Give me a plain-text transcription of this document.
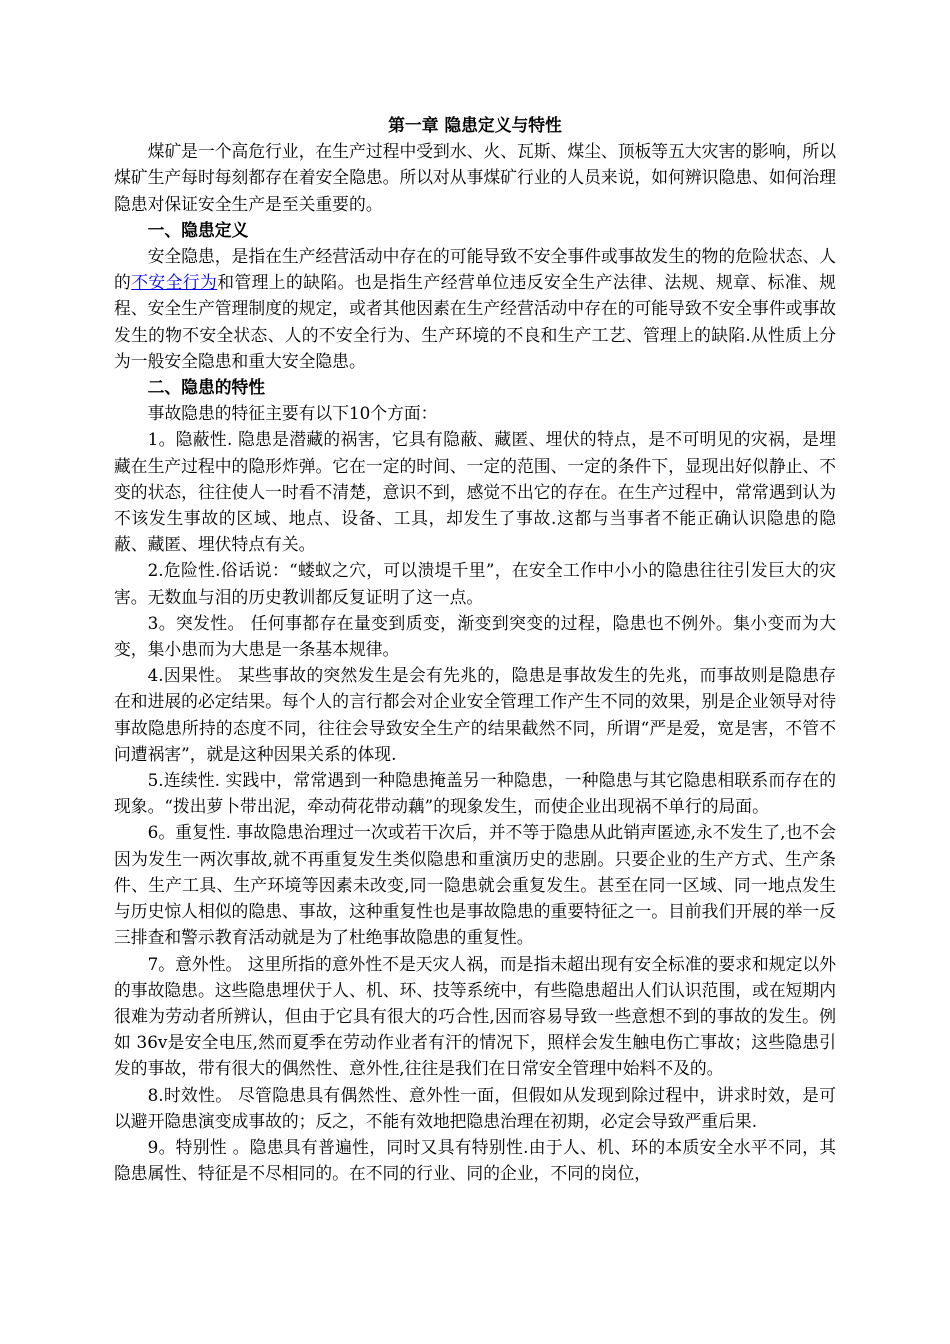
第一章 隐患定义与特性

煤矿是一个高危行业，在生产过程中受到水、火、瓦斯、煤尘、顶板等五大灾害的影响，所以煤矿生产每时每刻都存在着安全隐患。所以对从事煤矿行业的人员来说，如何辨识隐患、如何治理隐患对保证安全生产是至关重要的。

一、隐患定义

安全隐患，是指在生产经营活动中存在的可能导致不安全事件或事故发生的物的危险状态、人的不安全行为和管理上的缺陷。也是指生产经营单位违反安全生产法律、法规、规章、标准、规程、安全生产管理制度的规定，或者其他因素在生产经营活动中存在的可能导致不安全事件或事故发生的物不安全状态、人的不安全行为、生产环境的不良和生产工艺、管理上的缺陷.从性质上分为一般安全隐患和重大安全隐患。

二、隐患的特性

事故隐患的特征主要有以下10个方面：

1。隐蔽性. 隐患是潜藏的祸害，它具有隐蔽、藏匿、埋伏的特点，是不可明见的灾祸，是埋藏在生产过程中的隐形炸弹。它在一定的时间、一定的范围、一定的条件下，显现出好似静止、不变的状态，往往使人一时看不清楚，意识不到，感觉不出它的存在。在生产过程中，常常遇到认为不该发生事故的区域、地点、设备、工具，却发生了事故.这都与当事者不能正确认识隐患的隐蔽、藏匿、埋伏特点有关。

2.危险性.俗话说：“蝼蚁之穴，可以溃堤千里”，在安全工作中小小的隐患往往引发巨大的灾害。无数血与泪的历史教训都反复证明了这一点。

3。突发性。 任何事都存在量变到质变，渐变到突变的过程，隐患也不例外。集小变而为大变，集小患而为大患是一条基本规律。

4.因果性。 某些事故的突然发生是会有先兆的，隐患是事故发生的先兆，而事故则是隐患存在和进展的必定结果。每个人的言行都会对企业安全管理工作产生不同的效果，别是企业领导对待事故隐患所持的态度不同，往往会导致安全生产的结果截然不同，所谓“严是爱，宽是害，不管不问遭祸害”，就是这种因果关系的体现.

5.连续性. 实践中，常常遇到一种隐患掩盖另一种隐患，一种隐患与其它隐患相联系而存在的现象。“拨出萝卜带出泥，牵动荷花带动藕”的现象发生，而使企业出现祸不单行的局面。

6。重复性. 事故隐患治理过一次或若干次后，并不等于隐患从此销声匿迹,永不发生了,也不会因为发生一两次事故,就不再重复发生类似隐患和重演历史的悲剧。只要企业的生产方式、生产条件、生产工具、生产环境等因素未改变,同一隐患就会重复发生。甚至在同一区域、同一地点发生与历史惊人相似的隐患、事故，这种重复性也是事故隐患的重要特征之一。目前我们开展的举一反三排查和警示教育活动就是为了杜绝事故隐患的重复性。

7。意外性。 这里所指的意外性不是天灾人祸，而是指未超出现有安全标准的要求和规定以外的事故隐患。这些隐患埋伏于人、机、环、技等系统中，有些隐患超出人们认识范围，或在短期内很难为劳动者所辨认，但由于它具有很大的巧合性,因而容易导致一些意想不到的事故的发生。例如 36v是安全电压,然而夏季在劳动作业者有汗的情况下，照样会发生触电伤亡事故；这些隐患引发的事故，带有很大的偶然性、意外性,往往是我们在日常安全管理中始料不及的。

8.时效性。 尽管隐患具有偶然性、意外性一面，但假如从发现到除过程中，讲求时效，是可以避开隐患演变成事故的；反之，不能有效地把隐患治理在初期，必定会导致严重后果.

9。特别性 。隐患具有普遍性，同时又具有特别性.由于人、机、环的本质安全水平不同，其隐患属性、特征是不尽相同的。在不同的行业、同的企业，不同的岗位，
